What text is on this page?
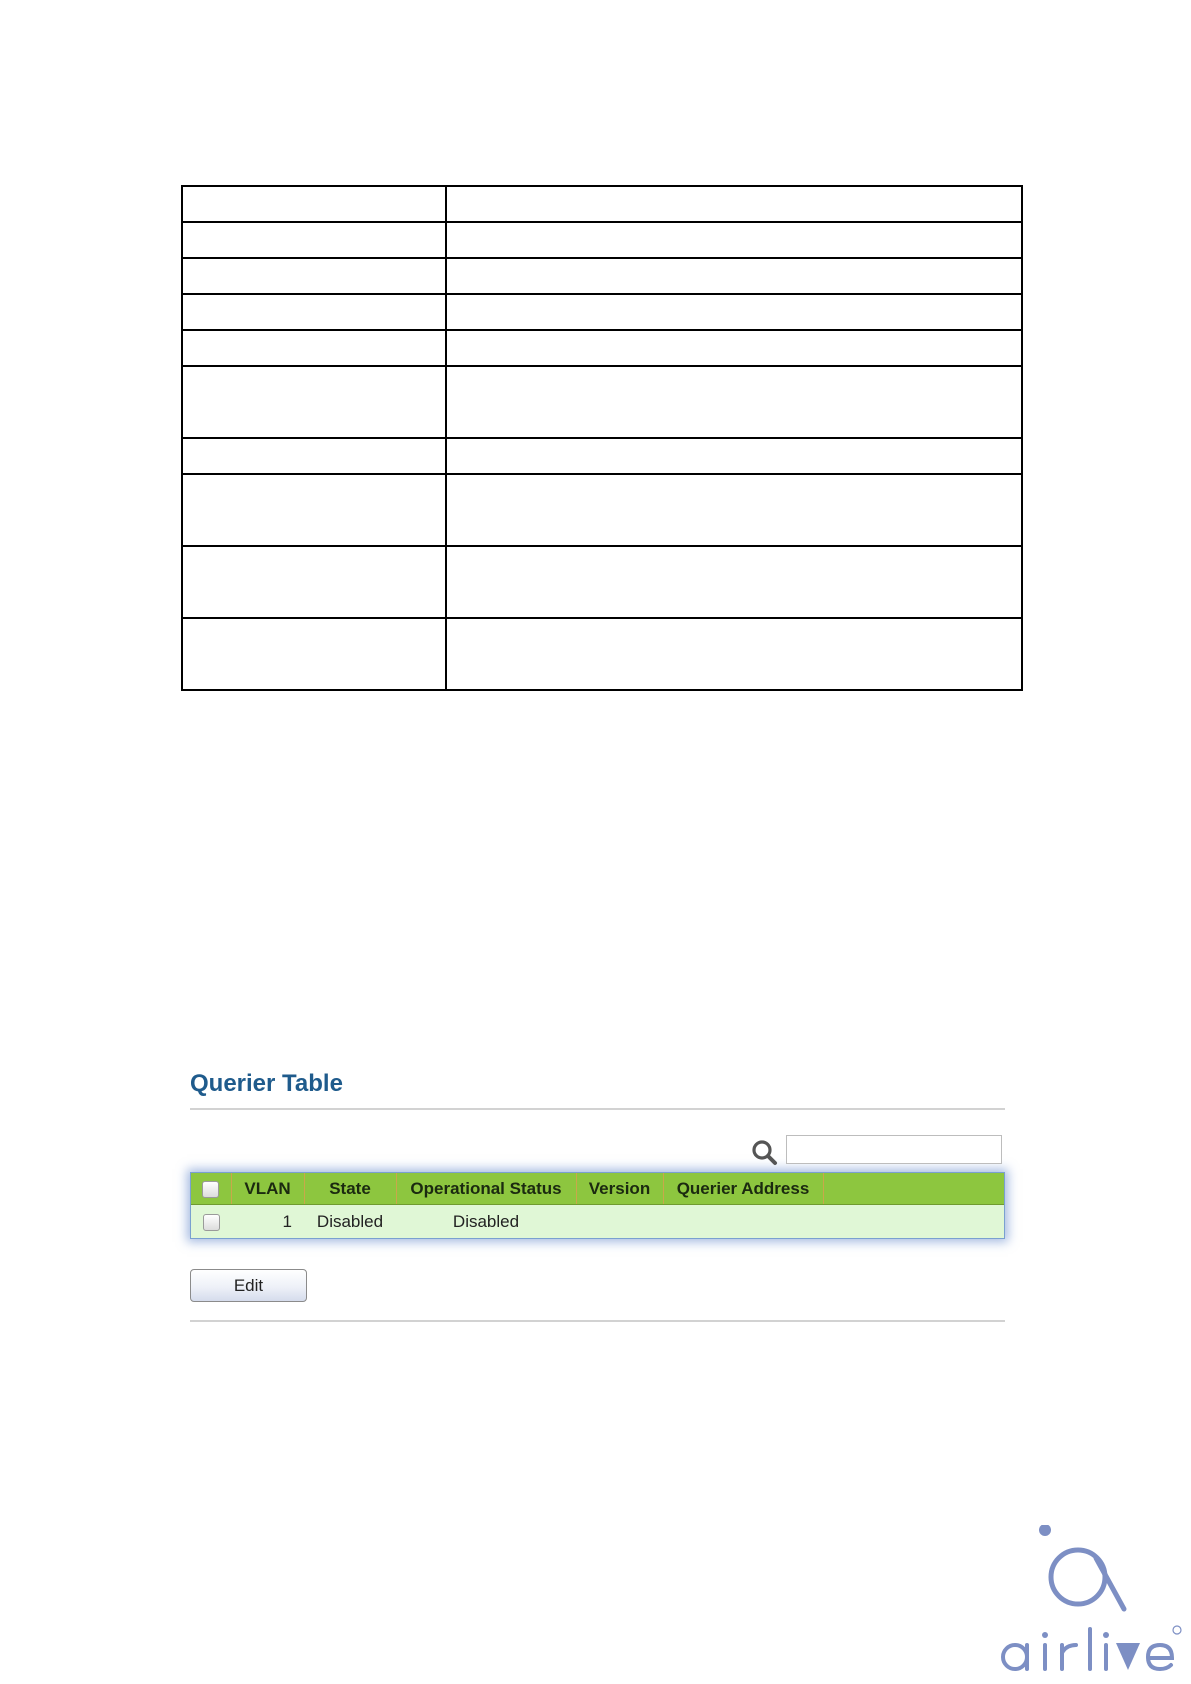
Querier Table
	VLAN	State	Operational Status	Version	Querier Address	
	1	Disabled	Disabled			
Edit
